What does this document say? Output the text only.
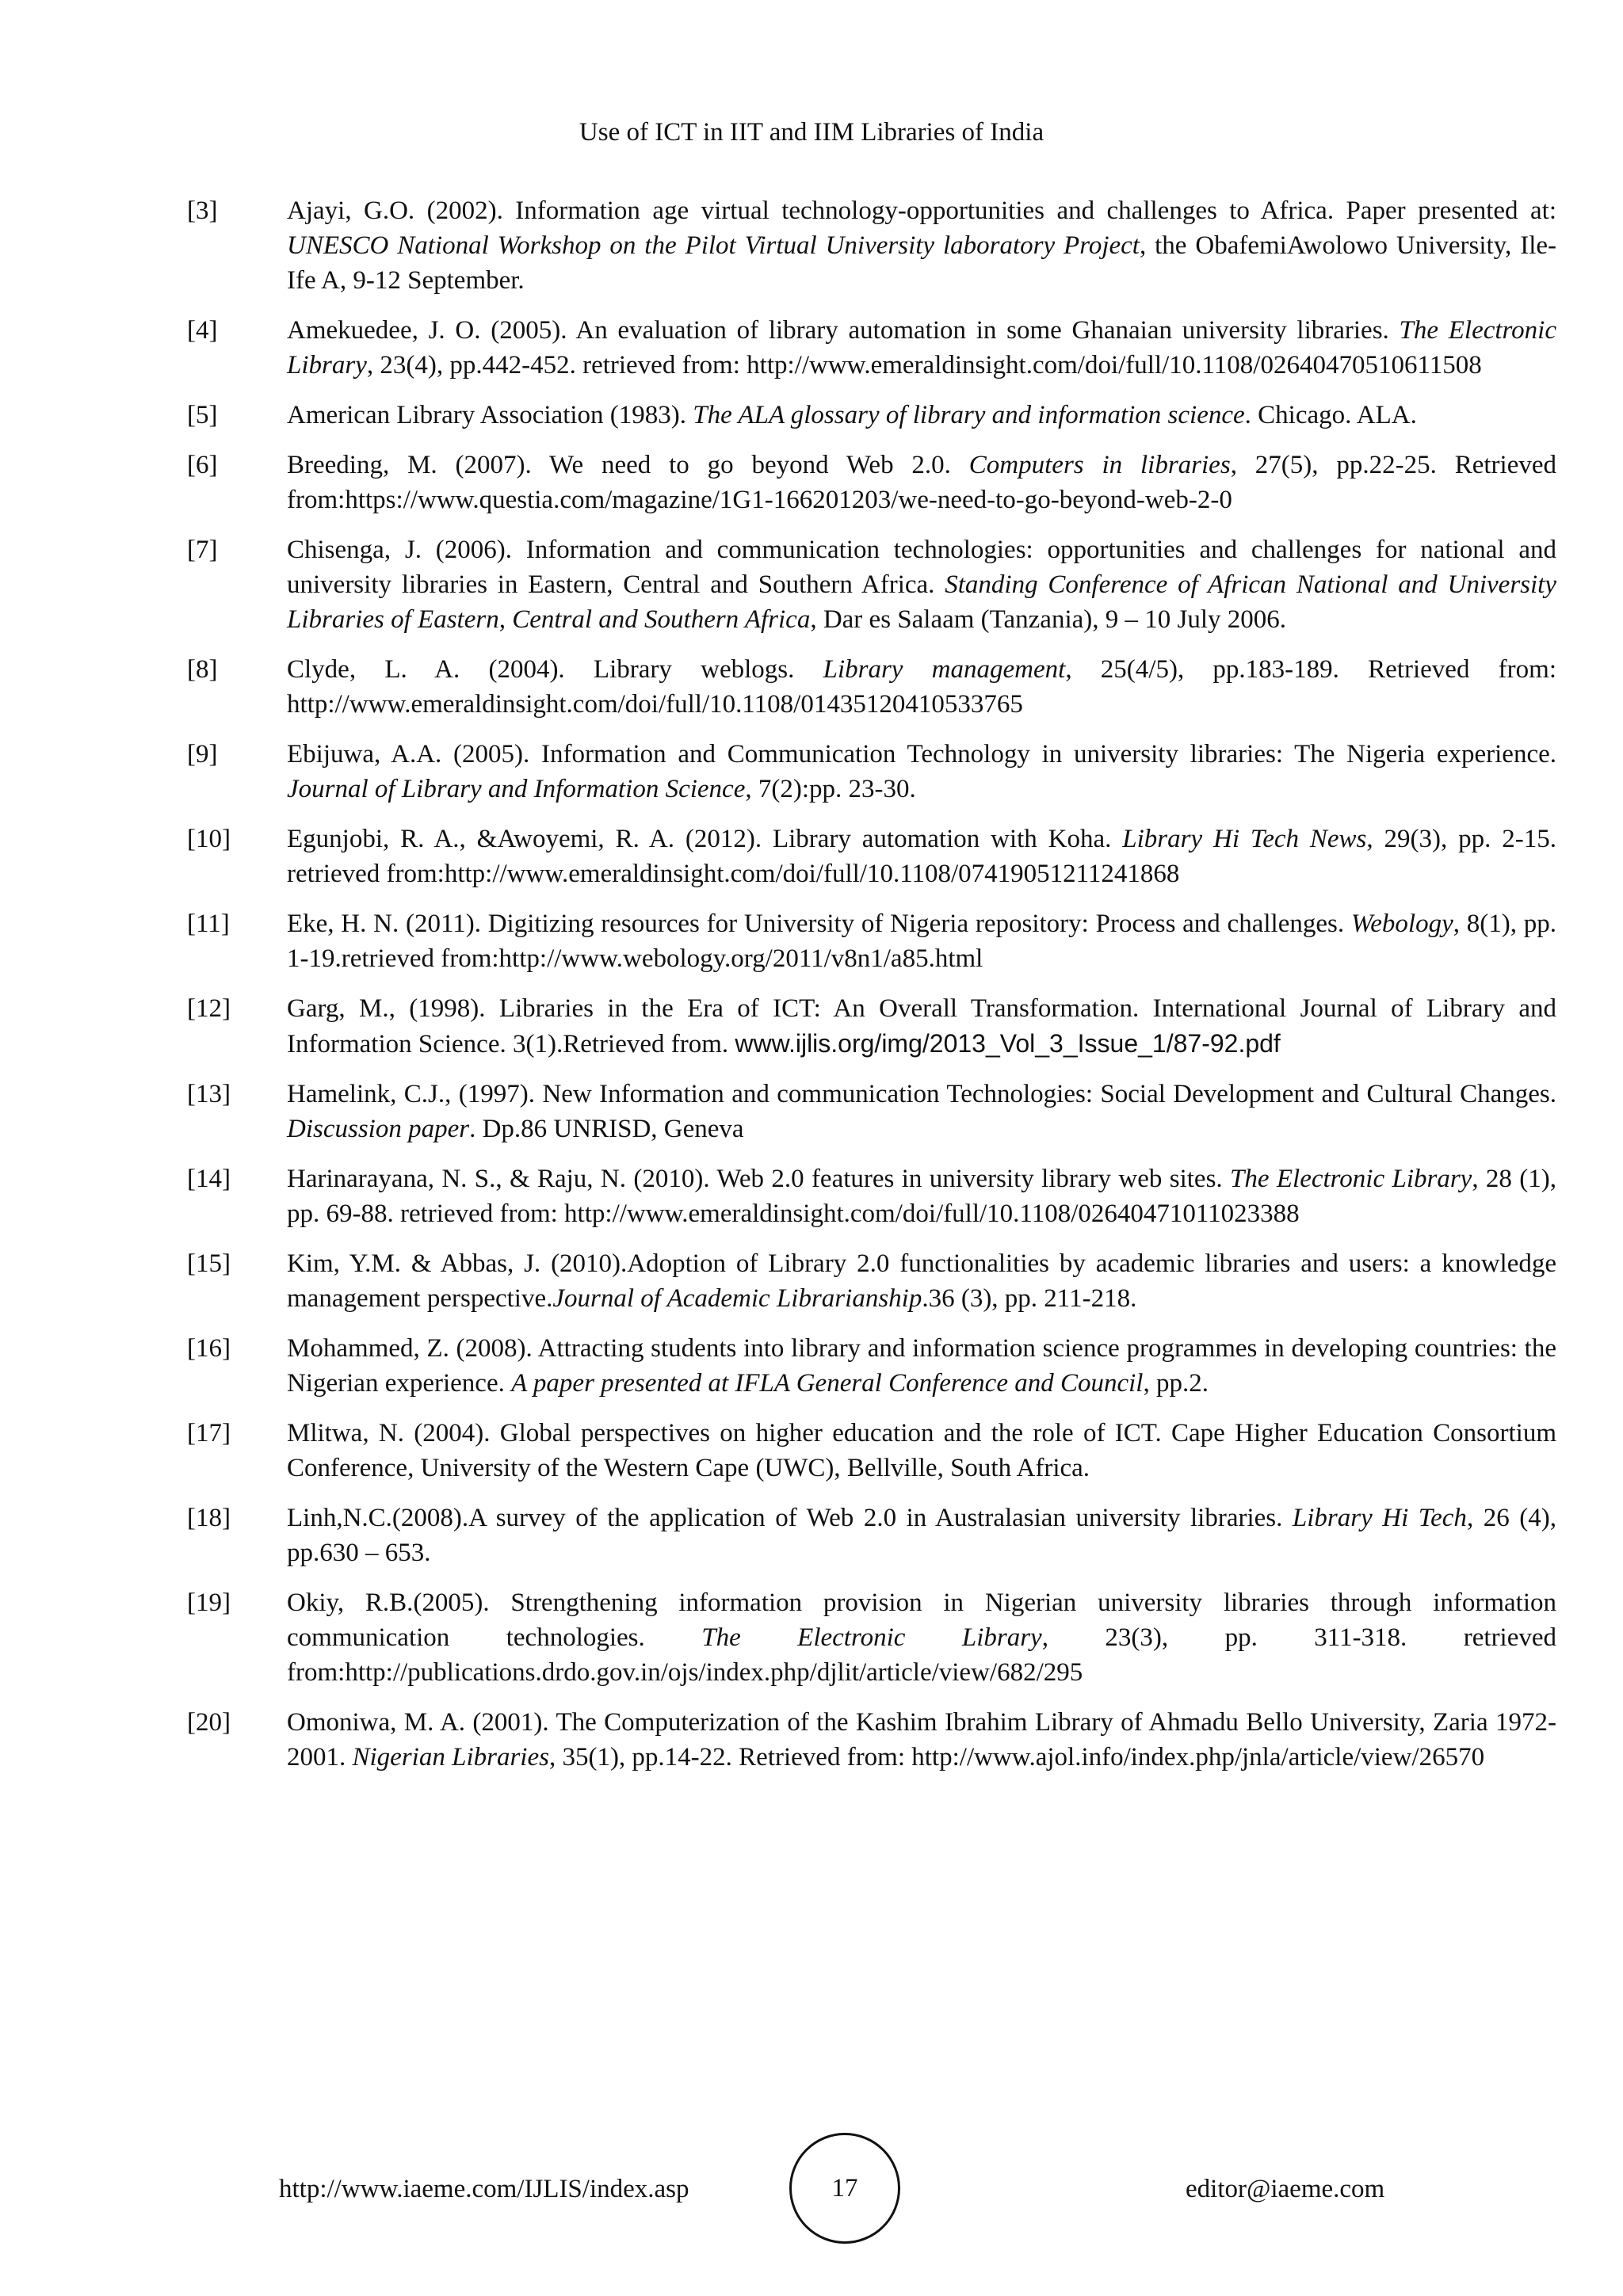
Use of ICT in IIT and IIM Libraries of India
[3]	Ajayi, G.O. (2002). Information age virtual technology-opportunities and challenges to Africa. Paper presented at: UNESCO National Workshop on the Pilot Virtual University laboratory Project, the ObafemiAwolowo University, Ile-Ife A, 9-12 September.
[4]	Amekuedee, J. O. (2005). An evaluation of library automation in some Ghanaian university libraries. The Electronic Library, 23(4), pp.442-452. retrieved from: http://www.emeraldinsight.com/doi/full/10.1108/02640470510611508
[5]	American Library Association (1983). The ALA glossary of library and information science. Chicago. ALA.
[6]	Breeding, M. (2007). We need to go beyond Web 2.0. Computers in libraries, 27(5), pp.22-25. Retrieved from:https://www.questia.com/magazine/1G1-166201203/we-need-to-go-beyond-web-2-0
[7]	Chisenga, J. (2006). Information and communication technologies: opportunities and challenges for national and university libraries in Eastern, Central and Southern Africa. Standing Conference of African National and University Libraries of Eastern, Central and Southern Africa, Dar es Salaam (Tanzania), 9 – 10 July 2006.
[8]	Clyde, L. A. (2004). Library weblogs. Library management, 25(4/5), pp.183-189. Retrieved from: http://www.emeraldinsight.com/doi/full/10.1108/01435120410533765
[9]	Ebijuwa, A.A. (2005). Information and Communication Technology in university libraries: The Nigeria experience. Journal of Library and Information Science, 7(2):pp. 23-30.
[10] Egunjobi, R. A., &Awoyemi, R. A. (2012). Library automation with Koha. Library Hi Tech News, 29(3), pp. 2-15. retrieved from:http://www.emeraldinsight.com/doi/full/10.1108/07419051211241868
[11] Eke, H. N. (2011). Digitizing resources for University of Nigeria repository: Process and challenges. Webology, 8(1), pp. 1-19.retrieved from:http://www.webology.org/2011/v8n1/a85.html
[12] Garg, M., (1998). Libraries in the Era of ICT: An Overall Transformation. International Journal of Library and Information Science. 3(1).Retrieved from. www.ijlis.org/img/2013_Vol_3_Issue_1/87-92.pdf
[13] Hamelink, C.J., (1997). New Information and communication Technologies: Social Development and Cultural Changes. Discussion paper. Dp.86 UNRISD, Geneva
[14] Harinarayana, N. S., & Raju, N. (2010). Web 2.0 features in university library web sites. The Electronic Library, 28 (1), pp. 69-88. retrieved from: http://www.emeraldinsight.com/doi/full/10.1108/02640471011023388
[15] Kim, Y.M. & Abbas, J. (2010).Adoption of Library 2.0 functionalities by academic libraries and users: a knowledge management perspective.Journal of Academic Librarianship.36 (3), pp. 211-218.
[16] Mohammed, Z. (2008). Attracting students into library and information science programmes in developing countries: the Nigerian experience. A paper presented at IFLA General Conference and Council, pp.2.
[17] Mlitwa, N. (2004). Global perspectives on higher education and the role of ICT. Cape Higher Education Consortium Conference, University of the Western Cape (UWC), Bellville, South Africa.
[18] Linh,N.C.(2008).A survey of the application of Web 2.0 in Australasian university libraries. Library Hi Tech, 26 (4), pp.630 – 653.
[19] Okiy, R.B.(2005). Strengthening information provision in Nigerian university libraries through information communication technologies. The Electronic Library, 23(3), pp. 311-318. retrieved from:http://publications.drdo.gov.in/ojs/index.php/djlit/article/view/682/295
[20] Omoniwa, M. A. (2001). The Computerization of the Kashim Ibrahim Library of Ahmadu Bello University, Zaria 1972-2001. Nigerian Libraries, 35(1), pp.14-22. Retrieved from: http://www.ajol.info/index.php/jnla/article/view/26570
http://www.iaeme.com/IJLIS/index.asp	17	editor@iaeme.com
